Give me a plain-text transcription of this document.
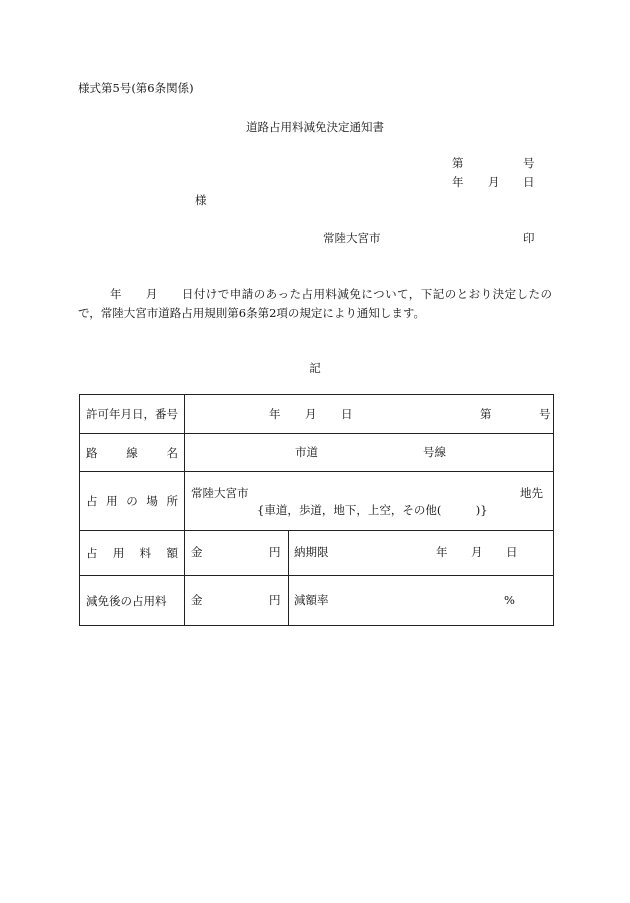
様式第5号(第6条関係)
道路占用料減免決定通知書
第	号
年 月 日
様
常陸大宮市	印
年　　月　　日付けで申請のあった占用料減免について，下記のとおり決定したので，常陸大宮市道路占用規則第6条第2項の規定により通知します。
記
許可年月日，番号	年 月 日 第 号	

路 線 名	市道 号線	

占 用 の 場 所	常陸大宮市 地先
{車道，歩道，地下，上空，その他(　　　)}	

占 用 料 額	金 円	納期限 年 月 日

減免後の占用料	金 円	減額率 %
